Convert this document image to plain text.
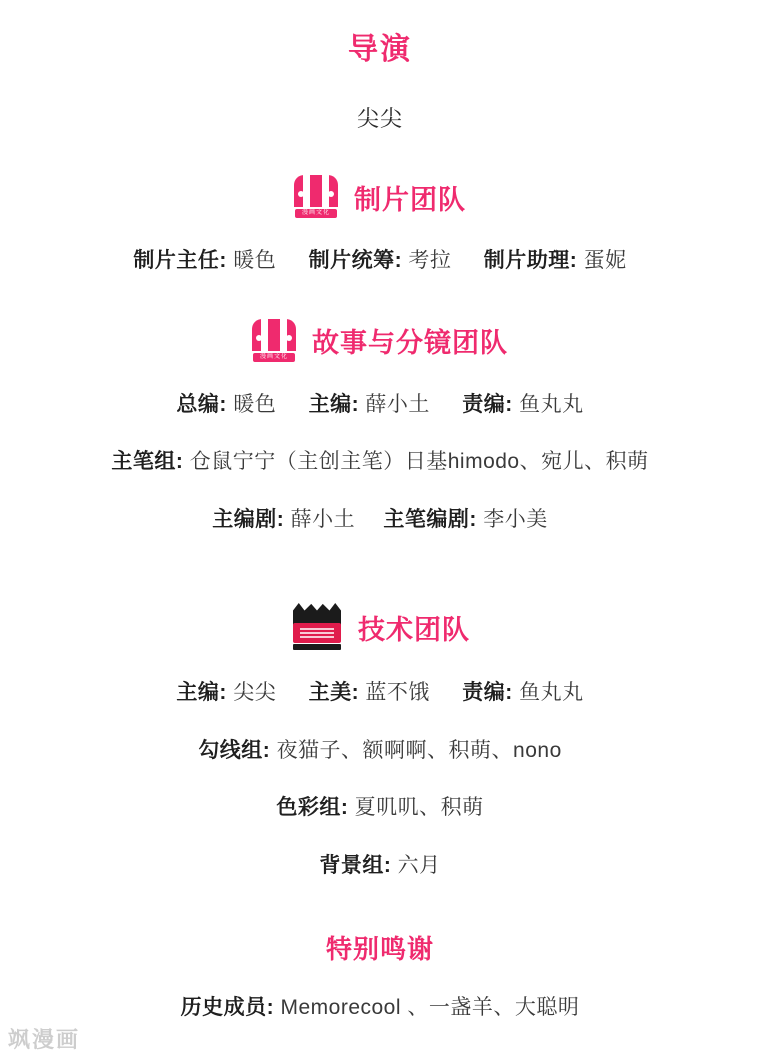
导演
尖尖
漫画文化 制片团队
制片主任: 暖色 制片统筹: 考拉 制片助理: 蛋妮
漫画文化 故事与分镜团队
总编: 暖色 主编: 薛小土 责编: 鱼丸丸
主笔组: 仓鼠宁宁（主创主笔）日基himodo、宛儿、积萌
主编剧: 薛小土 主笔编剧: 李小美
技术团队
主编: 尖尖 主美: 蓝不饿 责编: 鱼丸丸
勾线组: 夜猫子、额啊啊、积萌、nono
色彩组: 夏叽叽、积萌
背景组: 六月
特别鸣谢
历史成员: Memorecool 、一盏羊、大聪明
飒漫画
